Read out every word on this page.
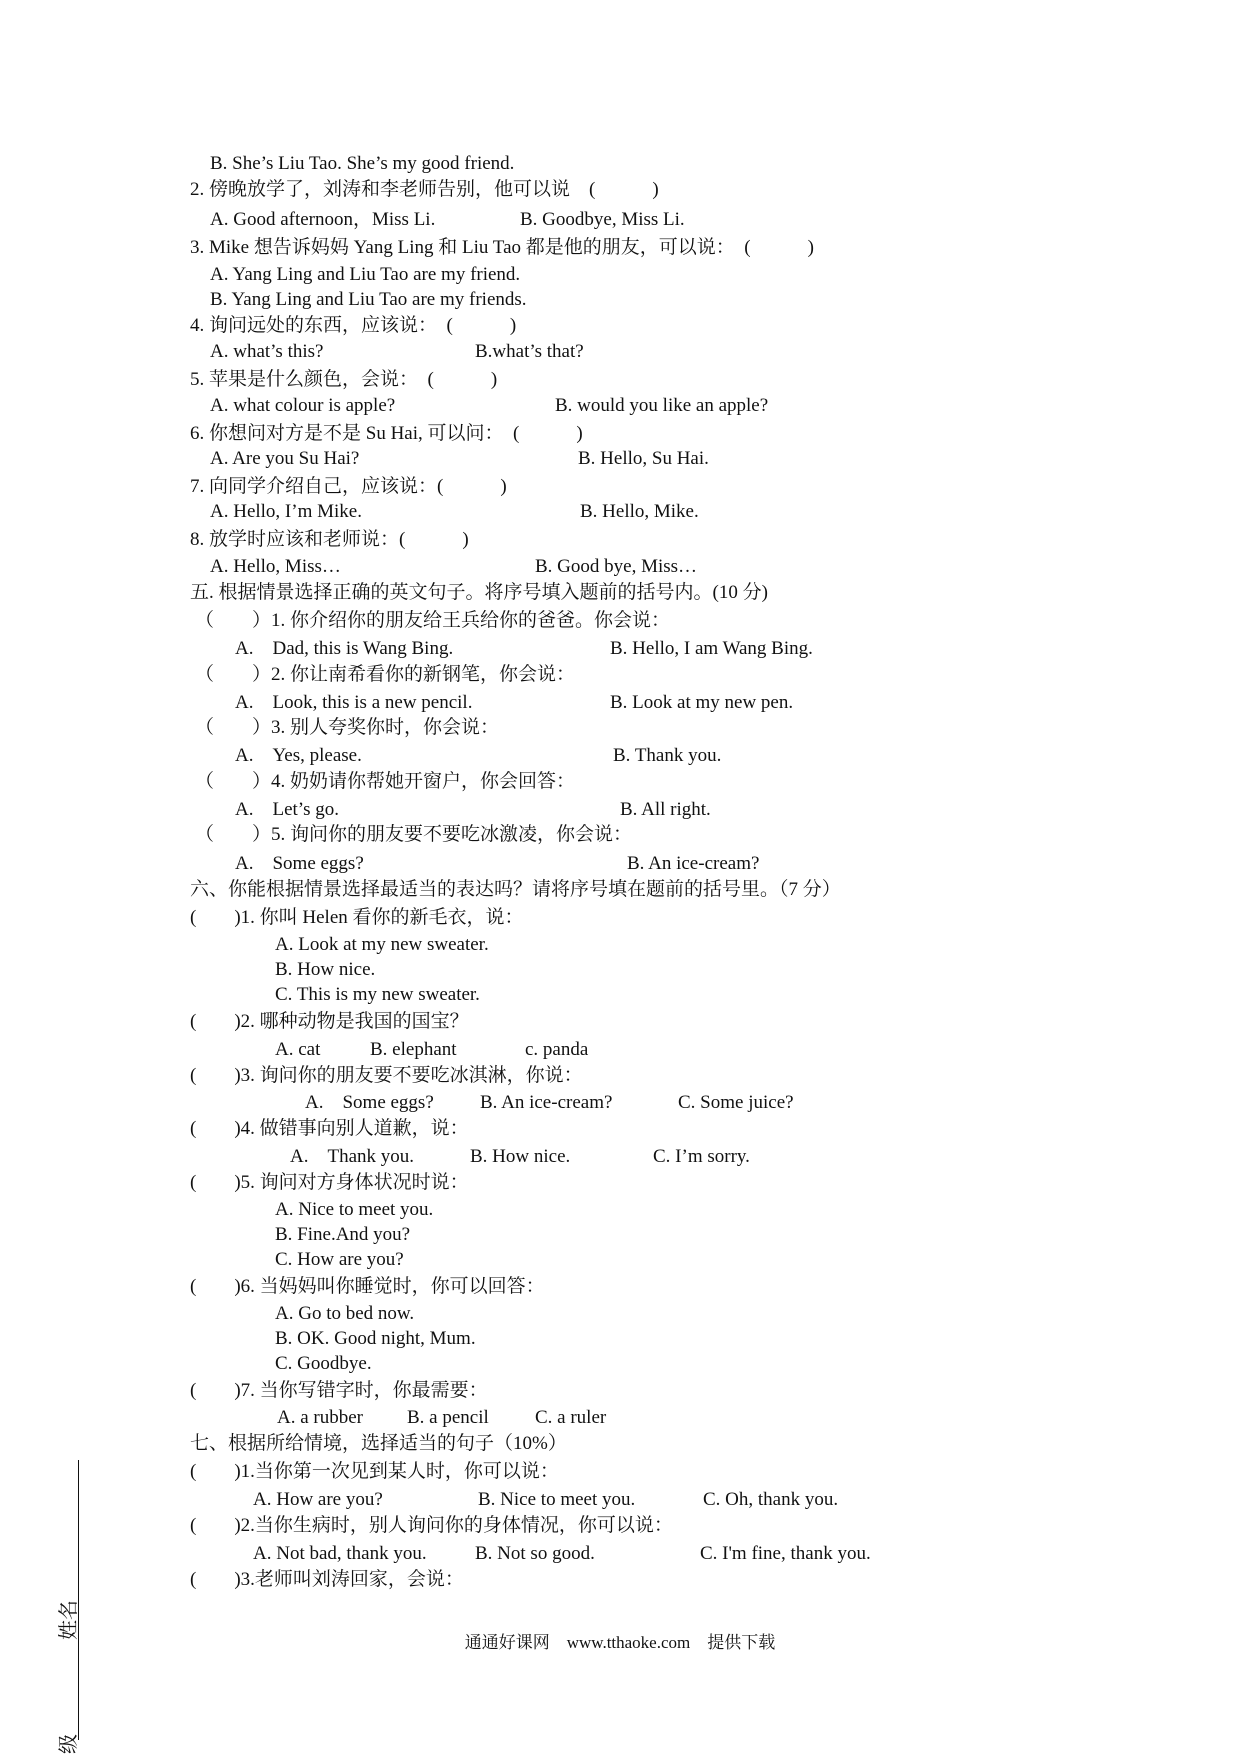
B. She’s Liu Tao. She’s my good friend.
2. 傍晚放学了，刘涛和李老师告别，他可以说　(　　　)
A. Good afternoon，Miss Li.	B. Goodbye, Miss Li.
3. Mike 想告诉妈妈 Yang Ling 和 Liu Tao 都是他的朋友，可以说：　(　　　)
A. Yang Ling and Liu Tao are my friend.
B. Yang Ling and Liu Tao are my friends.
4. 询问远处的东西，应该说：　(　　　)
A. what’s this?	B.what’s that?
5. 苹果是什么颜色，会说：　(　　　)
A. what colour is apple?	B. would you like an apple?
6. 你想问对方是不是 Su Hai, 可以问：　(　　　)
A. Are you Su Hai?	B. Hello, Su Hai.
7. 向同学介绍自己，应该说：(　　　)
A. Hello, I’m Mike.	B. Hello, Mike.
8. 放学时应该和老师说：(　　　)
A. Hello, Miss…	B. Good bye, Miss…
五. 根据情景选择正确的英文句子。将序号填入题前的括号内。(10 分)
（　　）1. 你介绍你的朋友给王兵给你的爸爸。你会说：
A.　Dad, this is Wang Bing.	B. Hello, I am Wang Bing.
（　　）2. 你让南希看你的新钢笔，你会说：
A.　Look, this is a new pencil.	B. Look at my new pen.
（　　）3. 别人夸奖你时，你会说：
A.　Yes, please.	B. Thank you.
（　　）4. 奶奶请你帮她开窗户，你会回答：
A.　Let’s go.	B. All right.
（　　）5. 询问你的朋友要不要吃冰激凌，你会说：
A.　Some eggs?	B. An ice-cream?
六、你能根据情景选择最适当的表达吗？请将序号填在题前的括号里。（7 分）
(　　)1. 你叫 Helen 看你的新毛衣，说：
A. Look at my new sweater.
B. How nice.
C. This is my new sweater.
(　　)2. 哪种动物是我国的国宝？
A. cat	B. elephant	c. panda
(　　)3. 询问你的朋友要不要吃冰淇淋，你说：
A.　Some eggs? B. An ice-cream?	C. Some juice?
(　　)4. 做错事向别人道歉，说：
A.　Thank you.	B. How nice.	C. I’m sorry.
(　　)5. 询问对方身体状况时说：
A. Nice to meet you.
B. Fine.And you?
C. How are you?
(　　)6. 当妈妈叫你睡觉时，你可以回答：
A. Go to bed now.
B. OK. Good night, Mum.
C. Goodbye.
(　　)7. 当你写错字时，你最需要：
A. a rubber B. a pencil C. a ruler
七、根据所给情境，选择适当的句子（10%）
(　　)1.当你第一次见到某人时，你可以说：
A. How are you?	B. Nice to meet you.	C. Oh, thank you.
(　　)2.当你生病时，别人询问你的身体情况，你可以说：
A. Not bad, thank you.	B. Not so good.	C. I'm fine, thank you.
(　　)3.老师叫刘涛回家，会说：
通通好课网　www.tthaoke.com　提供下载
姓名
级
